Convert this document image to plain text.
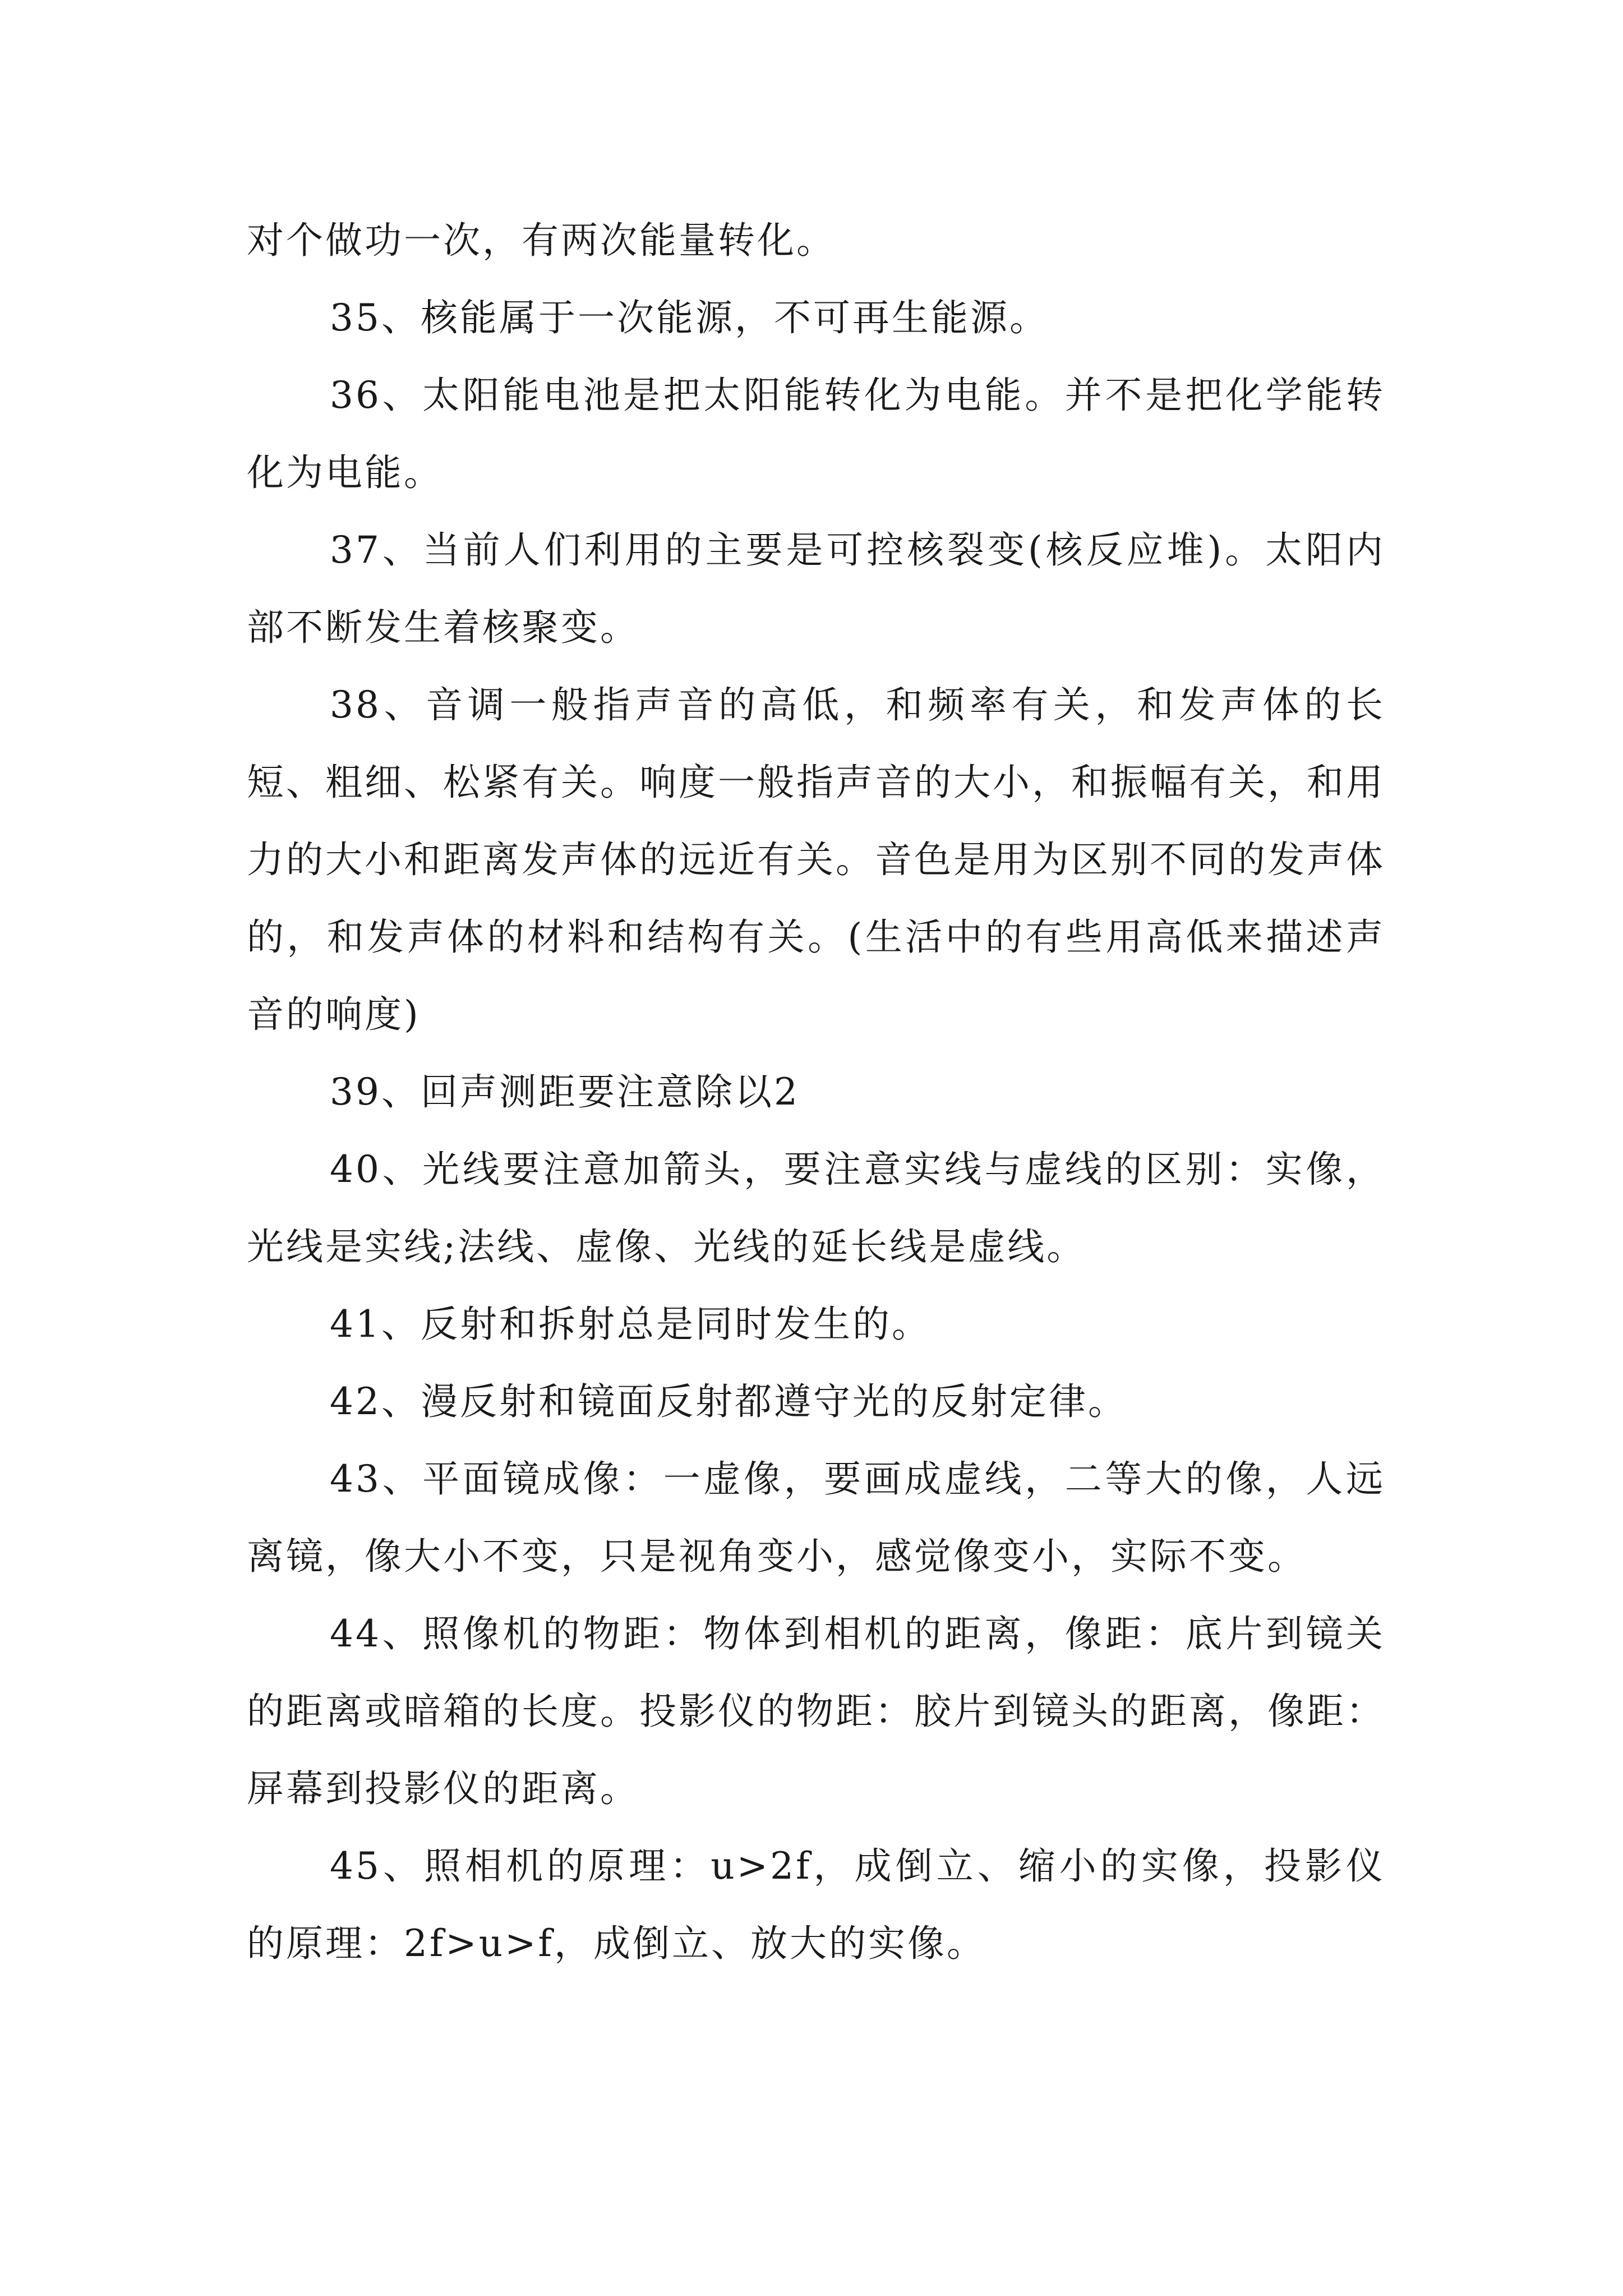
对个做功一次，有两次能量转化。

35、核能属于一次能源，不可再生能源。

36、太阳能电池是把太阳能转化为电能。并不是把化学能转化为电能。

37、当前人们利用的主要是可控核裂变(核反应堆)。太阳内部不断发生着核聚变。

38、音调一般指声音的高低，和频率有关，和发声体的长短、粗细、松紧有关。响度一般指声音的大小，和振幅有关，和用力的大小和距离发声体的远近有关。音色是用为区别不同的发声体的，和发声体的材料和结构有关。(生活中的有些用高低来描述声音的响度)

39、回声测距要注意除以2

40、光线要注意加箭头，要注意实线与虚线的区别：实像，光线是实线;法线、虚像、光线的延长线是虚线。

41、反射和拆射总是同时发生的。

42、漫反射和镜面反射都遵守光的反射定律。

43、平面镜成像：一虚像，要画成虚线，二等大的像，人远离镜，像大小不变，只是视角变小，感觉像变小，实际不变。

44、照像机的物距：物体到相机的距离，像距：底片到镜关的距离或暗箱的长度。投影仪的物距：胶片到镜头的距离，像距：屏幕到投影仪的距离。

45、照相机的原理：u>2f，成倒立、缩小的实像，投影仪的原理：2f>u>f，成倒立、放大的实像。
